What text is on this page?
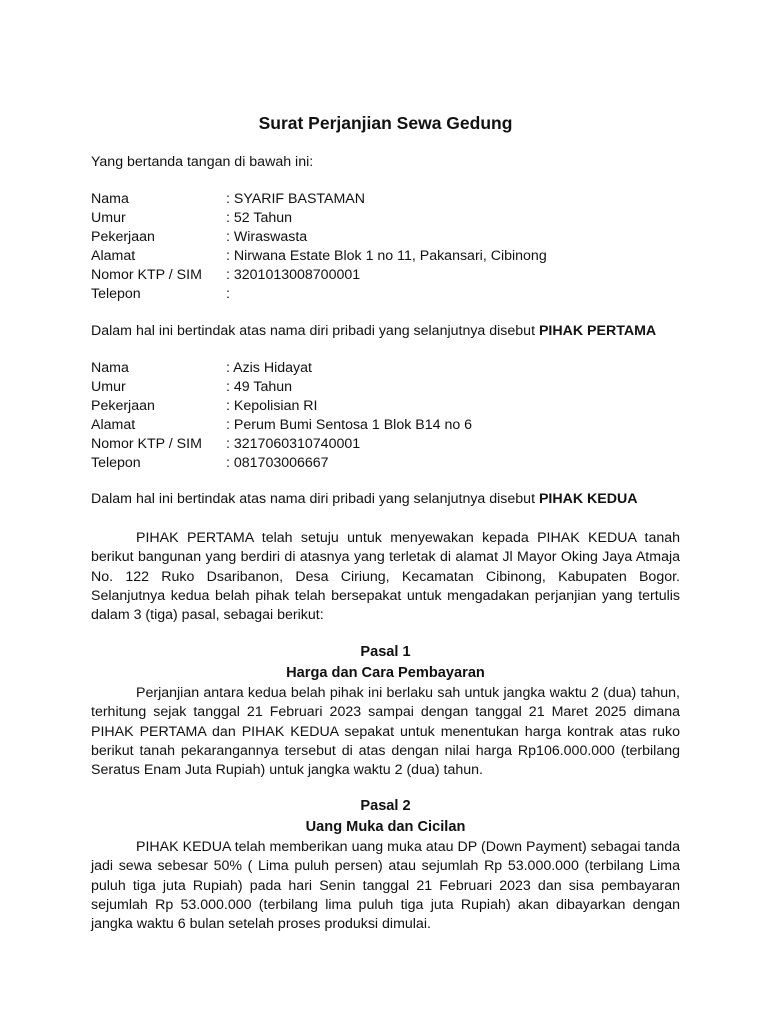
Surat Perjanjian Sewa Gedung
Yang bertanda tangan di bawah ini:
Nama	: SYARIF BASTAMAN
Umur	: 52 Tahun
Pekerjaan	: Wiraswasta
Alamat	: Nirwana Estate Blok 1 no 11, Pakansari, Cibinong
Nomor KTP / SIM	: 3201013008700001
Telepon	:
Dalam hal ini bertindak atas nama diri pribadi yang selanjutnya disebut PIHAK PERTAMA
Nama	: Azis Hidayat
Umur	: 49 Tahun
Pekerjaan	: Kepolisian RI
Alamat	: Perum Bumi Sentosa 1 Blok B14 no 6
Nomor KTP / SIM	: 3217060310740001
Telepon	: 081703006667
Dalam hal ini bertindak atas nama diri pribadi yang selanjutnya disebut PIHAK KEDUA
PIHAK PERTAMA telah setuju untuk menyewakan kepada PIHAK KEDUA tanah berikut bangunan yang berdiri di atasnya yang terletak di alamat Jl Mayor Oking Jaya Atmaja No. 122 Ruko Dsaribanon, Desa Ciriung, Kecamatan Cibinong, Kabupaten Bogor. Selanjutnya kedua belah pihak telah bersepakat untuk mengadakan perjanjian yang tertulis dalam 3 (tiga) pasal, sebagai berikut:
Pasal 1
Harga dan Cara Pembayaran
Perjanjian antara kedua belah pihak ini berlaku sah untuk jangka waktu 2 (dua) tahun, terhitung sejak tanggal 21 Februari 2023 sampai dengan tanggal 21 Maret 2025 dimana PIHAK PERTAMA dan PIHAK KEDUA sepakat untuk menentukan harga kontrak atas ruko berikut tanah pekarangannya tersebut di atas dengan nilai harga Rp106.000.000 (terbilang Seratus Enam Juta Rupiah) untuk jangka waktu 2 (dua) tahun.
Pasal 2
Uang Muka dan Cicilan
PIHAK KEDUA telah memberikan uang muka atau DP (Down Payment) sebagai tanda jadi sewa sebesar 50% ( Lima puluh persen) atau sejumlah Rp 53.000.000 (terbilang Lima puluh tiga juta Rupiah) pada hari Senin tanggal 21 Februari 2023 dan sisa pembayaran sejumlah Rp 53.000.000 (terbilang lima puluh tiga juta Rupiah) akan dibayarkan dengan jangka waktu 6 bulan setelah proses produksi dimulai.
